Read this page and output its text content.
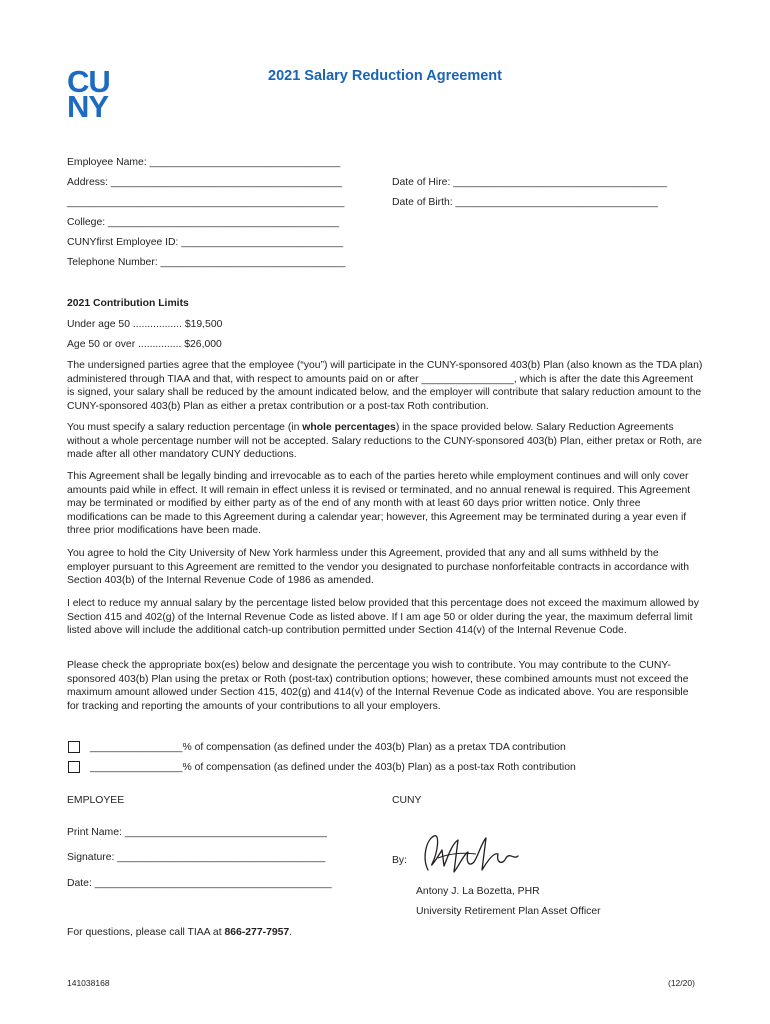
CU
NY
2021 Salary Reduction Agreement
Employee Name: _________________________________
Address: ________________________________________
________________________________________________
College: ________________________________________
CUNYfirst Employee ID: ____________________________
Telephone Number: ________________________________
Date of Hire: _____________________________________
Date of Birth: ___________________________________
2021 Contribution Limits
Under age 50 ................. $19,500
Age 50 or over ............... $26,000
The undersigned parties agree that the employee (“you”) will participate in the CUNY-sponsored 403(b) Plan (also known as the TDA plan) administered through TIAA and that, with respect to amounts paid on or after ________________, which is after the date this Agreement is signed, your salary shall be reduced by the amount indicated below, and the employer will contribute that salary reduction amount to the CUNY-sponsored 403(b) Plan as either a pretax contribution or a post-tax Roth contribution.
You must specify a salary reduction percentage (in whole percentages) in the space provided below. Salary Reduction Agreements without a whole percentage number will not be accepted. Salary reductions to the CUNY-sponsored 403(b) Plan, either pretax or Roth, are made after all other mandatory CUNY deductions.
This Agreement shall be legally binding and irrevocable as to each of the parties hereto while employment continues and will only cover amounts paid while in effect. It will remain in effect unless it is revised or terminated, and no annual renewal is required. This Agreement may be terminated or modified by either party as of the end of any month with at least 60 days prior written notice. Only three modifications can be made to this Agreement during a calendar year; however, this Agreement may be terminated during a year even if three prior modifications have been made.
You agree to hold the City University of New York harmless under this Agreement, provided that any and all sums withheld by the employer pursuant to this Agreement are remitted to the vendor you designated to purchase nonforfeitable contracts in accordance with Section 403(b) of the Internal Revenue Code of 1986 as amended.
I elect to reduce my annual salary by the percentage listed below provided that this percentage does not exceed the maximum allowed by Section 415 and 402(g) of the Internal Revenue Code as listed above. If I am age 50 or older during the year, the maximum deferral limit listed above will include the additional catch-up contribution permitted under Section 414(v) of the Internal Revenue Code.
Please check the appropriate box(es) below and designate the percentage you wish to contribute. You may contribute to the CUNY-sponsored 403(b) Plan using the pretax or Roth (post-tax) contribution options; however, these combined amounts must not exceed the maximum amount allowed under Section 415, 402(g) and 414(v) of the Internal Revenue Code as indicated above. You are responsible for tracking and reporting the amounts of your contributions to all your employers.
________________% of compensation (as defined under the 403(b) Plan) as a pretax TDA contribution
________________% of compensation (as defined under the 403(b) Plan) as a post-tax Roth contribution
EMPLOYEE	CUNY
Print Name: ___________________________________
Signature: ____________________________________
Date: _________________________________________
By:
Antony J. La Bozetta, PHR
University Retirement Plan Asset Officer
For questions, please call TIAA at 866-277-7957.
141038168	(12/20)
